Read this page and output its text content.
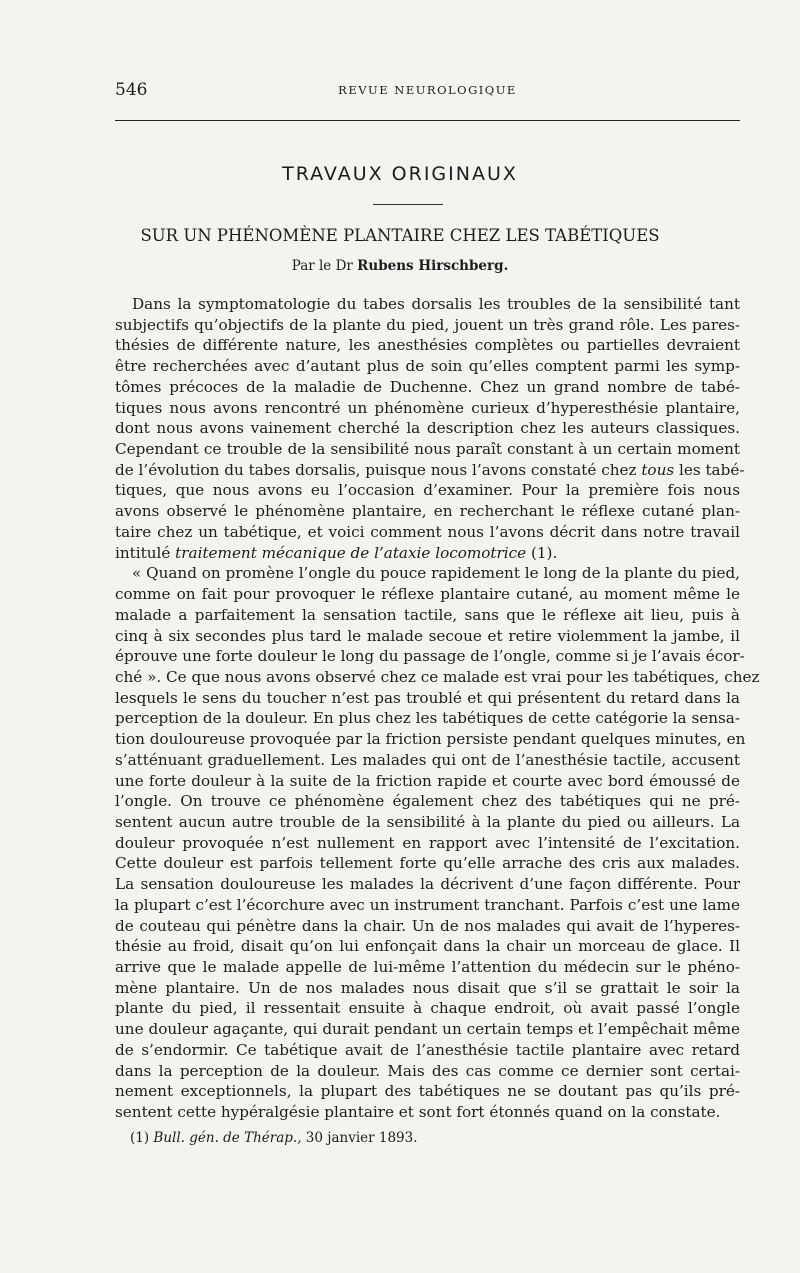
546	REVUE NEUROLOGIQUE
TRAVAUX ORIGINAUX
SUR UN PHÉNOMÈNE PLANTAIRE CHEZ LES TABÉTIQUES
Par le Dr Rubens Hirschberg.
Dans la symptomatologie du tabes dorsalis les troubles de la sensibilité tant
subjectifs qu’objectifs de la plante du pied, jouent un très grand rôle. Les pares-
thésies de différente nature, les anesthésies complètes ou partielles devraient
être recherchées avec d’autant plus de soin qu’elles comptent parmi les symp-
tômes précoces de la maladie de Duchenne. Chez un grand nombre de tabé-
tiques nous avons rencontré un phénomène curieux d’hyperesthésie plantaire,
dont nous avons vainement cherché la description chez les auteurs classiques.
Cependant ce trouble de la sensibilité nous paraît constant à un certain moment
de l’évolution du tabes dorsalis, puisque nous l’avons constaté chez tous les tabé-
tiques, que nous avons eu l’occasion d’examiner. Pour la première fois nous
avons observé le phénomène plantaire, en recherchant le réflexe cutané plan-
taire chez un tabétique, et voici comment nous l’avons décrit dans notre travail
intitulé traitement mécanique de l’ataxie locomotrice (1).
« Quand on promène l’ongle du pouce rapidement le long de la plante du pied,
comme on fait pour provoquer le réflexe plantaire cutané, au moment même le
malade a parfaitement la sensation tactile, sans que le réflexe ait lieu, puis à
cinq à six secondes plus tard le malade secoue et retire violemment la jambe, il
éprouve une forte douleur le long du passage de l’ongle, comme si je l’avais écor-
ché ». Ce que nous avons observé chez ce malade est vrai pour les tabétiques, chez
lesquels le sens du toucher n’est pas troublé et qui présentent du retard dans la
perception de la douleur. En plus chez les tabétiques de cette catégorie la sensa-
tion douloureuse provoquée par la friction persiste pendant quelques minutes, en
s’atténuant graduellement. Les malades qui ont de l’anesthésie tactile, accusent
une forte douleur à la suite de la friction rapide et courte avec bord émoussé de
l’ongle. On trouve ce phénomène également chez des tabétiques qui ne pré-
sentent aucun autre trouble de la sensibilité à la plante du pied ou ailleurs. La
douleur provoquée n’est nullement en rapport avec l’intensité de l’excitation.
Cette douleur est parfois tellement forte qu’elle arrache des cris aux malades.
La sensation douloureuse les malades la décrivent d’une façon différente. Pour
la plupart c’est l’écorchure avec un instrument tranchant. Parfois c’est une lame
de couteau qui pénètre dans la chair. Un de nos malades qui avait de l’hyperes-
thésie au froid, disait qu’on lui enfonçait dans la chair un morceau de glace. Il
arrive que le malade appelle de lui-même l’attention du médecin sur le phéno-
mène plantaire. Un de nos malades nous disait que s’il se grattait le soir la
plante du pied, il ressentait ensuite à chaque endroit, où avait passé l’ongle
une douleur agaçante, qui durait pendant un certain temps et l’empêchait même
de s’endormir. Ce tabétique avait de l’anesthésie tactile plantaire avec retard
dans la perception de la douleur. Mais des cas comme ce dernier sont certai-
nement exceptionnels, la plupart des tabétiques ne se doutant pas qu’ils pré-
sentent cette hypéralgésie plantaire et sont fort étonnés quand on la constate.
(1) Bull. gén. de Thérap., 30 janvier 1893.
